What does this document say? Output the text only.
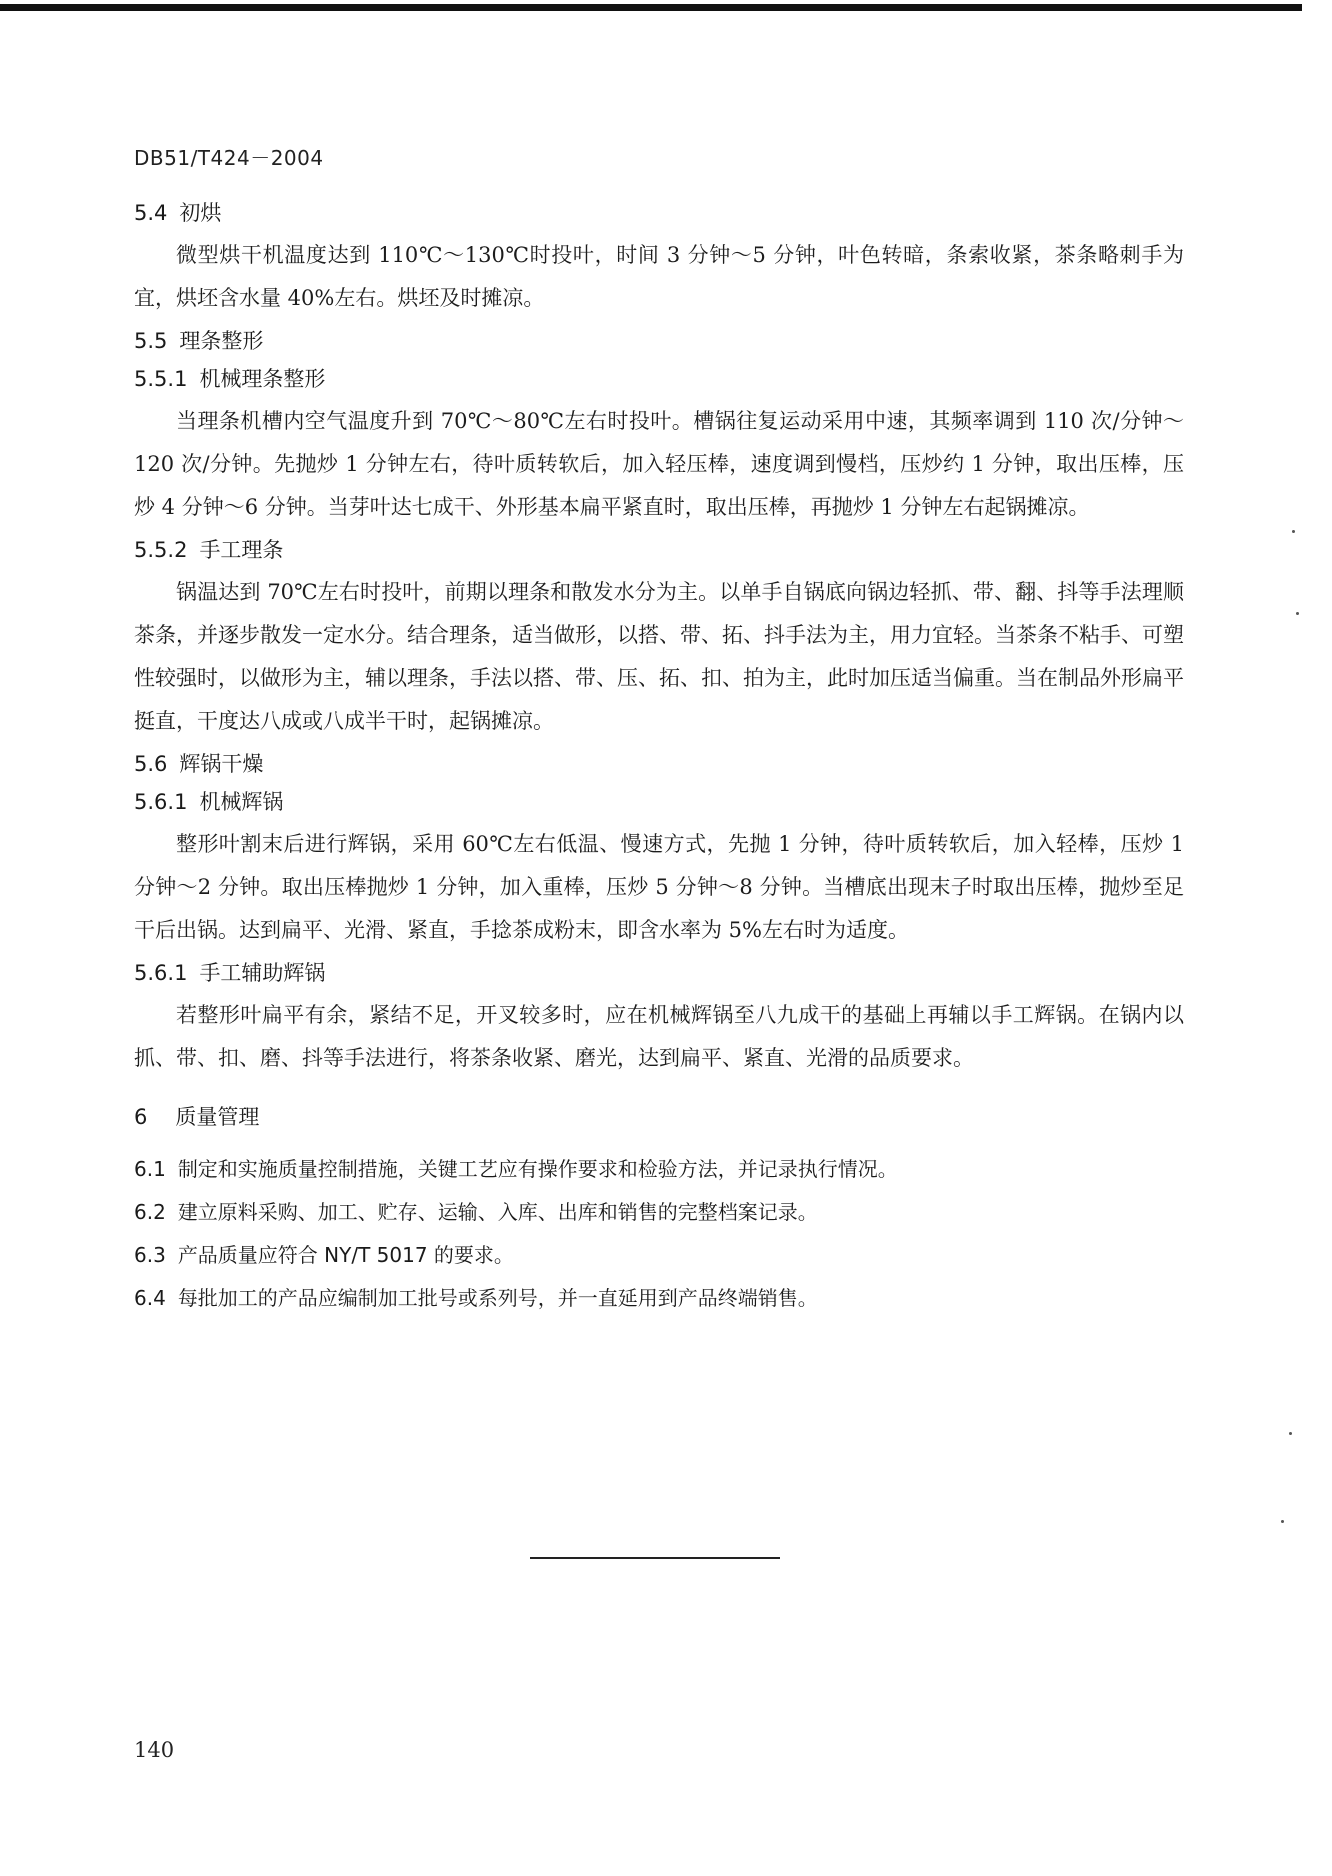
DB51/T424－2004
5.4 初烘

微型烘干机温度达到 110℃～130℃时投叶，时间 3 分钟～5 分钟，叶色转暗，条索收紧，茶条略刺手为宜，烘坯含水量 40%左右。烘坯及时摊凉。

5.5 理条整形
5.5.1 机械理条整形

当理条机槽内空气温度升到 70℃～80℃左右时投叶。槽锅往复运动采用中速，其频率调到 110 次/分钟～120 次/分钟。先抛炒 1 分钟左右，待叶质转软后，加入轻压棒，速度调到慢档，压炒约 1 分钟，取出压棒，压炒 4 分钟～6 分钟。当芽叶达七成干、外形基本扁平紧直时，取出压棒，再抛炒 1 分钟左右起锅摊凉。

5.5.2 手工理条

锅温达到 70℃左右时投叶，前期以理条和散发水分为主。以单手自锅底向锅边轻抓、带、翻、抖等手法理顺茶条，并逐步散发一定水分。结合理条，适当做形，以搭、带、拓、抖手法为主，用力宜轻。当茶条不粘手、可塑性较强时，以做形为主，辅以理条，手法以搭、带、压、拓、扣、拍为主，此时加压适当偏重。当在制品外形扁平挺直，干度达八成或八成半干时，起锅摊凉。

5.6 辉锅干燥
5.6.1 机械辉锅

整形叶割末后进行辉锅，采用 60℃左右低温、慢速方式，先抛 1 分钟，待叶质转软后，加入轻棒，压炒 1 分钟～2 分钟。取出压棒抛炒 1 分钟，加入重棒，压炒 5 分钟～8 分钟。当槽底出现末子时取出压棒，抛炒至足干后出锅。达到扁平、光滑、紧直，手捻茶成粉末，即含水率为 5%左右时为适度。

5.6.1 手工辅助辉锅

若整形叶扁平有余，紧结不足，开叉较多时，应在机械辉锅至八九成干的基础上再辅以手工辉锅。在锅内以抓、带、扣、磨、抖等手法进行，将茶条收紧、磨光，达到扁平、紧直、光滑的品质要求。

6 质量管理
6.1 制定和实施质量控制措施，关键工艺应有操作要求和检验方法，并记录执行情况。
6.2 建立原料采购、加工、贮存、运输、入库、出库和销售的完整档案记录。
6.3 产品质量应符合 NY/T 5017 的要求。
6.4 每批加工的产品应编制加工批号或系列号，并一直延用到产品终端销售。
140
